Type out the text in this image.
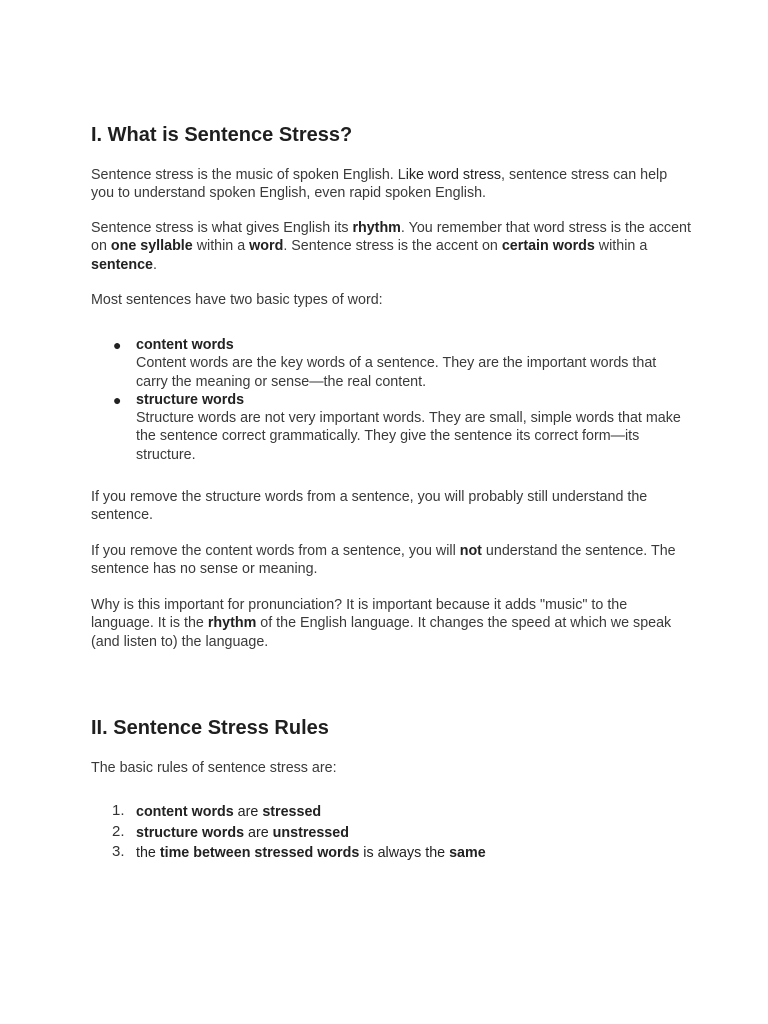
I. What is Sentence Stress?

Sentence stress is the music of spoken English. Like word stress, sentence stress can help you to understand spoken English, even rapid spoken English.

Sentence stress is what gives English its rhythm. You remember that word stress is the accent on one syllable within a word. Sentence stress is the accent on certain words within a sentence.

Most sentences have two basic types of word:

● content words
Content words are the key words of a sentence. They are the important words that carry the meaning or sense—the real content.
● structure words
Structure words are not very important words. They are small, simple words that make the sentence correct grammatically. They give the sentence its correct form—its structure.

If you remove the structure words from a sentence, you will probably still understand the sentence.

If you remove the content words from a sentence, you will not understand the sentence. The sentence has no sense or meaning.

Why is this important for pronunciation? It is important because it adds "music" to the language. It is the rhythm of the English language. It changes the speed at which we speak (and listen to) the language.

II. Sentence Stress Rules

The basic rules of sentence stress are:

1. content words are stressed
2. structure words are unstressed
3. the time between stressed words is always the same
